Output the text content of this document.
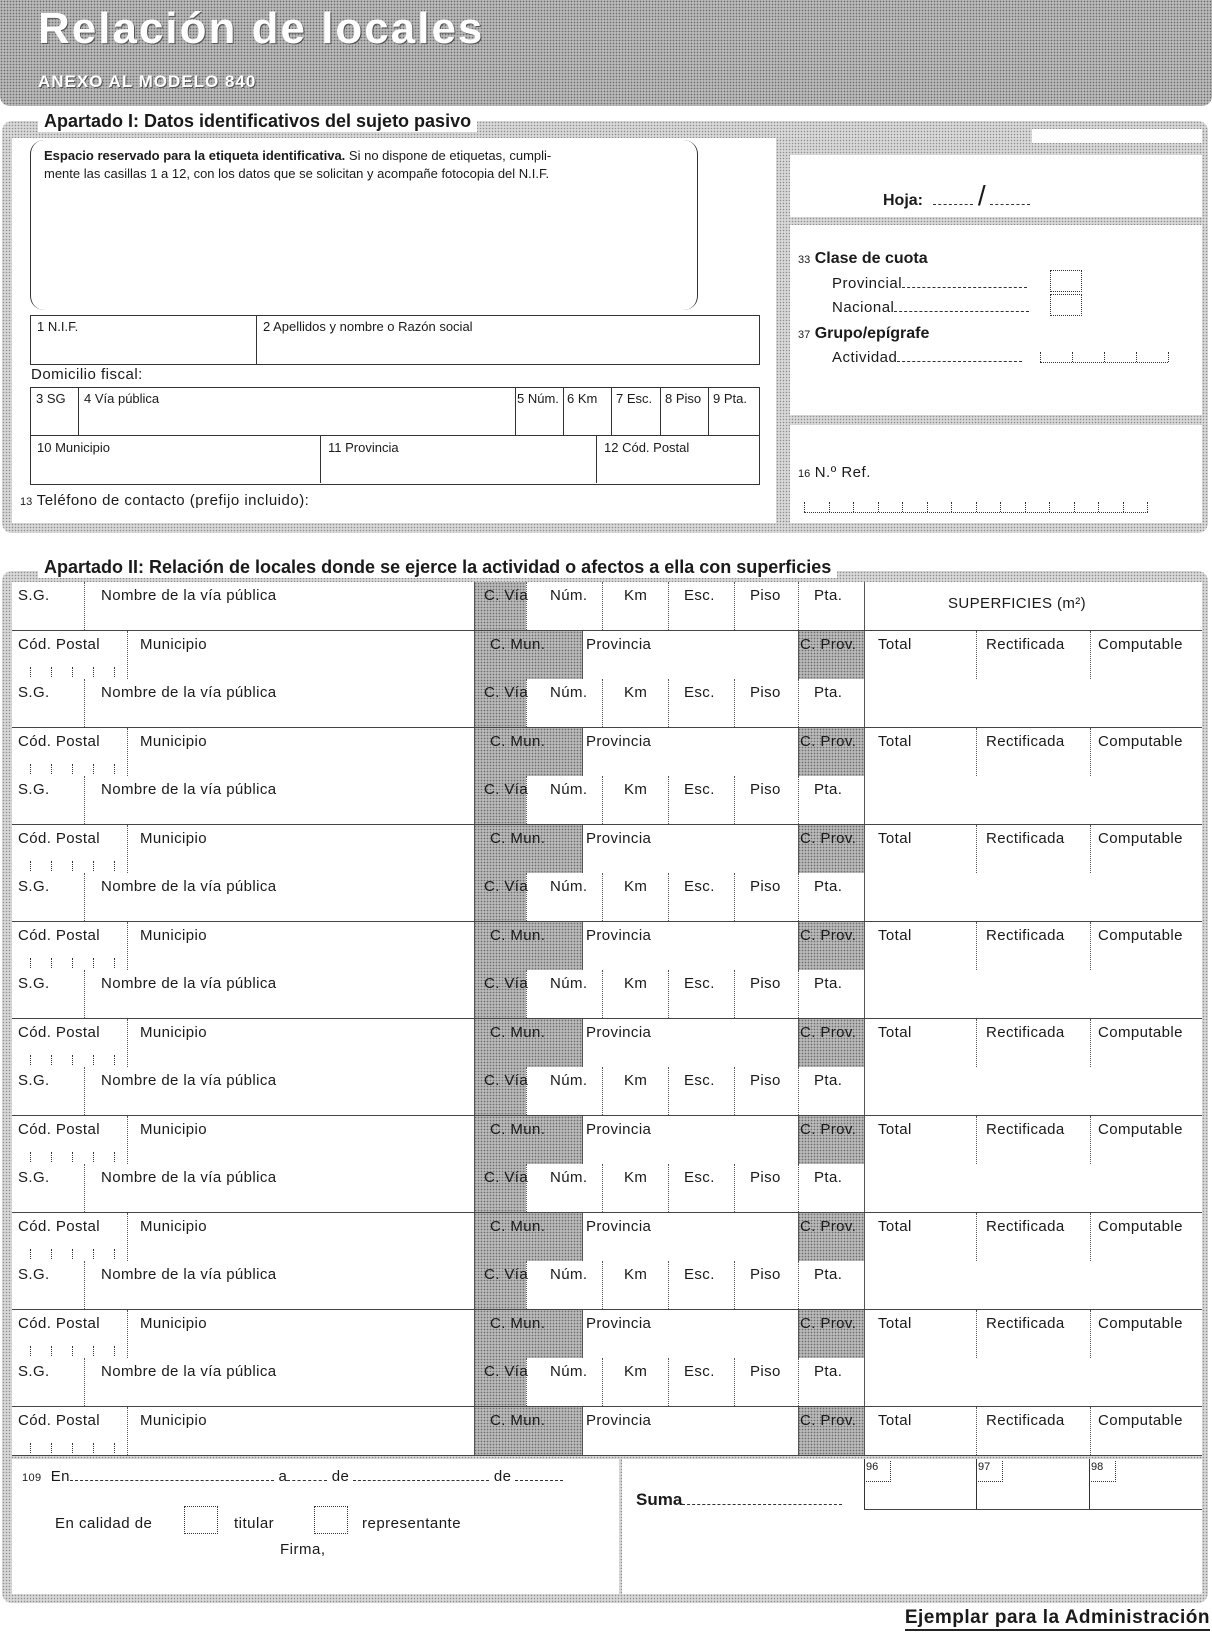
Relación de locales
ANEXO AL MODELO 840
Apartado I: Datos identificativos del sujeto pasivo
Espacio reservado para la etiqueta identificativa. Si no dispone de etiquetas, cumpli-
mente las casillas 1 a 12, con los datos que se solicitan y acompañe fotocopia del N.I.F.
1 N.I.F.	2 Apellidos y nombre o Razón social
Domicilio fiscal:
3 SG 4 Vía pública	5 Núm. 6 Km 7 Esc. 8 Piso 9 Pta.
10 Municipio	11 Provincia	12 Cód. Postal
13 Teléfono de contacto (prefijo incluido):
Hoja: /
33 Clase de cuota
Provincial
Nacional
37 Grupo/epígrafe
Actividad
16 N.º Ref.
Apartado II: Relación de locales donde se ejerce la actividad o afectos a ella con superficies
S.G.	Nombre de la vía pública	C. Vía Núm. Km Esc. Piso Pta.	SUPERFICIES (m²)
Cód. Postal	Municipio	C. Mun.	Provincia	C. Prov. Total	Rectificada Computable
S.G.	Nombre de la vía pública	C. Vía Núm. Km Esc. Piso Pta.
Cód. Postal	Municipio	C. Mun.	Provincia	C. Prov. Total	Rectificada Computable
S.G.	Nombre de la vía pública	C. Vía Núm. Km Esc. Piso Pta.
Cód. Postal	Municipio	C. Mun.	Provincia	C. Prov. Total	Rectificada Computable
S.G.	Nombre de la vía pública	C. Vía Núm. Km Esc. Piso Pta.
Cód. Postal	Municipio	C. Mun.	Provincia	C. Prov. Total	Rectificada Computable
S.G.	Nombre de la vía pública	C. Vía Núm. Km Esc. Piso Pta.
Cód. Postal	Municipio	C. Mun.	Provincia	C. Prov. Total	Rectificada Computable
S.G.	Nombre de la vía pública	C. Vía Núm. Km Esc. Piso Pta.
Cód. Postal	Municipio	C. Mun.	Provincia	C. Prov. Total	Rectificada Computable
S.G.	Nombre de la vía pública	C. Vía Núm. Km Esc. Piso Pta.
Cód. Postal	Municipio	C. Mun.	Provincia	C. Prov. Total	Rectificada Computable
S.G.	Nombre de la vía pública	C. Vía Núm. Km Esc. Piso Pta.
Cód. Postal	Municipio	C. Mun.	Provincia	C. Prov. Total	Rectificada Computable
S.G.	Nombre de la vía pública	C. Vía Núm. Km Esc. Piso Pta.
Cód. Postal	Municipio	C. Mun.	Provincia	C. Prov. Total	Rectificada Computable
109 En	a	de	de
En calidad de	titular	representante
Firma,
Suma
96	97	98
Ejemplar para la Administración
